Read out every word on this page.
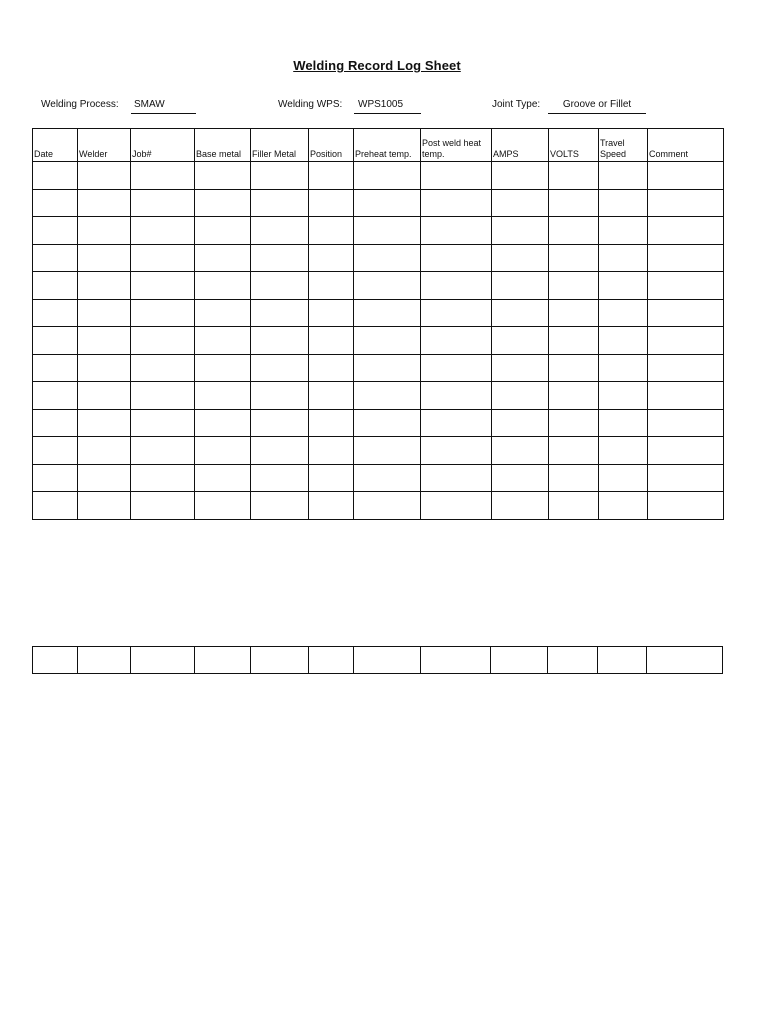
Welding Record Log Sheet
Welding Process:	SMAW	Welding WPS:	WPS1005	Joint Type:	Groove or Fillet
Date	Welder	Job#	Base metal	Filler Metal	Position	Preheat temp.	Post weld heat temp.	AMPS	VOLTS	Travel Speed	Comment
